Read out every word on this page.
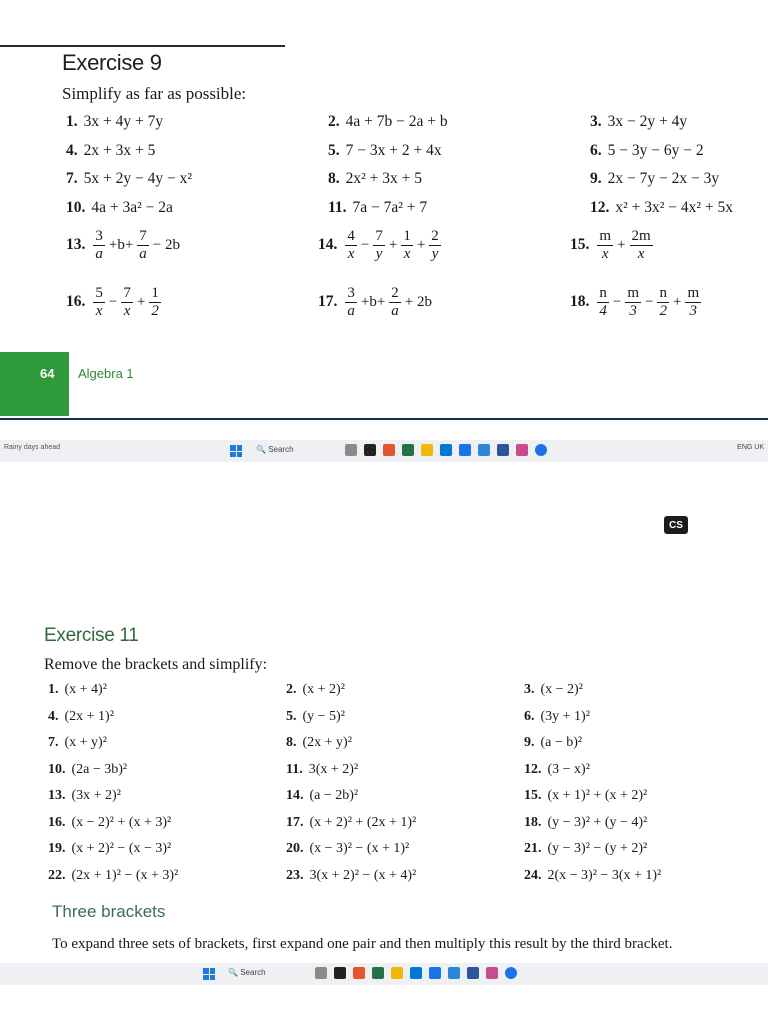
Exercise 9
Simplify as far as possible:
1. 3x + 4y + 7y	2. 4a + 7b − 2a + b	3. 3x − 2y + 4y
4. 2x + 3x + 5	5. 7 − 3x + 2 + 4x	6. 5 − 3y − 6y − 2
7. 5x + 2y − 4y − x²	8. 2x² + 3x + 5	9. 2x − 7y − 2x − 3y
10. 4a + 3a² − 2a	11. 7a − 7a² + 7	12. x² + 3x² − 4x² + 5x
13. $\frac{3}{a} +b+ \frac{7}{a} - 2b$	14. $\frac{4}{x} - \frac{7}{y} + \frac{1}{x} + \frac{2}{y}$	15. $\frac{m}{x} + \frac{2m}{x}$
16. $\frac{5}{x} - \frac{7}{x} + \frac{1}{2}$	17. $\frac{3}{a} +b+ \frac{2}{a} + 2b$	18. $\frac{n}{4} - \frac{m}{3} - \frac{n}{2} + \frac{m}{3}$
64 Algebra 1
Rainy days ahead	🔍 Search	ENG UK
CS
Exercise 11
Remove the brackets and simplify:
1. (x + 4)²	2. (x + 2)²	3. (x − 2)²
4. (2x + 1)²	5. (y − 5)²	6. (3y + 1)²
7. (x + y)²	8. (2x + y)²	9. (a − b)²
10. (2a − 3b)²	11. 3(x + 2)²	12. (3 − x)²
13. (3x + 2)²	14. (a − 2b)²	15. (x + 1)² + (x + 2)²
16. (x − 2)² + (x + 3)²	17. (x + 2)² + (2x + 1)²	18. (y − 3)² + (y − 4)²
19. (x + 2)² − (x − 3)²	20. (x − 3)² − (x + 1)²	21. (y − 3)² − (y + 2)²
22. (2x + 1)² − (x + 3)²	23. 3(x + 2)² − (x + 4)²	24. 2(x − 3)² − 3(x + 1)²
Three brackets
To expand three sets of brackets, first expand one pair and then multiply this result by the third bracket.
🔍 Search
